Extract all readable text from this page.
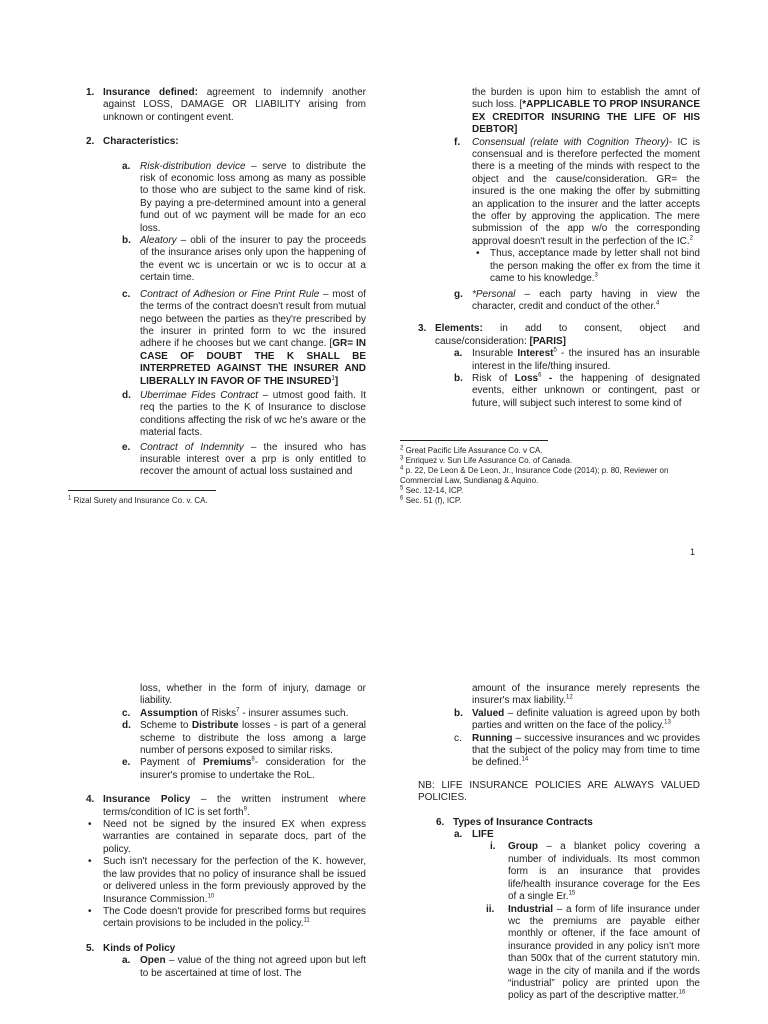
1. Insurance defined: agreement to indemnify another against LOSS, DAMAGE OR LIABILITY arising from unknown or contingent event.

2. Characteristics:

a. Risk-distribution device – serve to distribute the risk of economic loss among as many as possible to those who are subject to the same kind of risk. By paying a pre-determined amount into a general fund out of wc payment will be made for an eco loss.

b. Aleatory – obli of the insurer to pay the proceeds of the insurance arises only upon the happening of the event wc is uncertain or wc is to occur at a certain time.

c. Contract of Adhesion or Fine Print Rule – most of the terms of the contract doesn't result from mutual nego between the parties as they're prescribed by the insurer in printed form to wc the insured adhere if he chooses but we cant change. [GR= IN CASE OF DOUBT THE K SHALL BE INTERPRETED AGAINST THE INSURER AND LIBERALLY IN FAVOR OF THE INSURED$^1$]

d. Uberrimae Fides Contract – utmost good faith. It req the parties to the K of Insurance to disclose conditions affecting the risk of wc he's aware or the material facts.

e. Contract of Indemnity – the insured who has insurable interest over a prp is only entitled to recover the amount of actual loss sustained and

$^1$ Rizal Surety and Insurance Co. v. CA.

the burden is upon him to establish the amnt of such loss. [*APPLICABLE TO PROP INSURANCE EX CREDITOR INSURING THE LIFE OF HIS DEBTOR]

f. Consensual (relate with Cognition Theory)- IC is consensual and is therefore perfected the moment there is a meeting of the minds with respect to the object and the cause/consideration. GR= the insured is the one making the offer by submitting an application to the insurer and the latter accepts the offer by approving the application. The mere submission of the app w/o the corresponding approval doesn't result in the perfection of the IC.$^2$

• Thus, acceptance made by letter shall not bind the person making the offer ex from the time it came to his knowledge.$^3$

g. *Personal – each party having in view the character, credit and conduct of the other.$^4$

3. Elements: in add to consent, object and cause/consideration: [PARIS]

a. Insurable Interest$^5$ - the insured has an insurable interest in the life/thing insured.

b. Risk of Loss$^6$ - the happening of designated events, either unknown or contingent, past or future, will subject such interest to some kind of

$^2$ Great Pacific Life Assurance Co. v CA.

$^3$ Enriquez v. Sun Life Assurance Co. of Canada.

$^4$ p. 22, De Leon & De Leon, Jr., Insurance Code (2014); p. 80, Reviewer on Commercial Law, Sundianag & Aquino.

$^5$ Sec. 12-14, ICP.

$^6$ Sec. 51 (f), ICP.

1

loss, whether in the form of injury, damage or liability.

c. Assumption of Risks$^7$ - insurer assumes such.

d. Scheme to Distribute losses - is part of a general scheme to distribute the loss among a large number of persons exposed to similar risks.

e. Payment of Premiums$^8$- consideration for the insurer's promise to undertake the RoL.

4. Insurance Policy – the written instrument where terms/condition of IC is set forth$^9$.

• Need not be signed by the insured EX when express warranties are contained in separate docs, part of the policy.

• Such isn't necessary for the perfection of the K. however, the law provides that no policy of insurance shall be issued or delivered unless in the form previously approved by the Insurance Commission.$^{10}$

• The Code doesn't provide for prescribed forms but requires certain provisions to be included in the policy.$^{11}$

5. Kinds of Policy

a. Open – value of the thing not agreed upon but left to be ascertained at time of lost. The

amount of the insurance merely represents the insurer's max liability.$^{12}$

b. Valued – definite valuation is agreed upon by both parties and written on the face of the policy.$^{13}$

c. Running – successive insurances and wc provides that the subject of the policy may from time to time be defined.$^{14}$

NB: LIFE INSURANCE POLICIES ARE ALWAYS VALUED POLICIES.

6. Types of Insurance Contracts

a. LIFE

i. Group – a blanket policy covering a number of individuals. Its most common form is an insurance that provides life/health insurance coverage for the Ees of a single Er.$^{15}$

ii. Industrial – a form of life insurance under wc the premiums are payable either monthly or oftener, if the face amount of insurance provided in any policy isn't more than 500x that of the current statutory min. wage in the city of manila and if the words “industrial” policy are printed upon the policy as part of the descriptive matter.$^{16}$
